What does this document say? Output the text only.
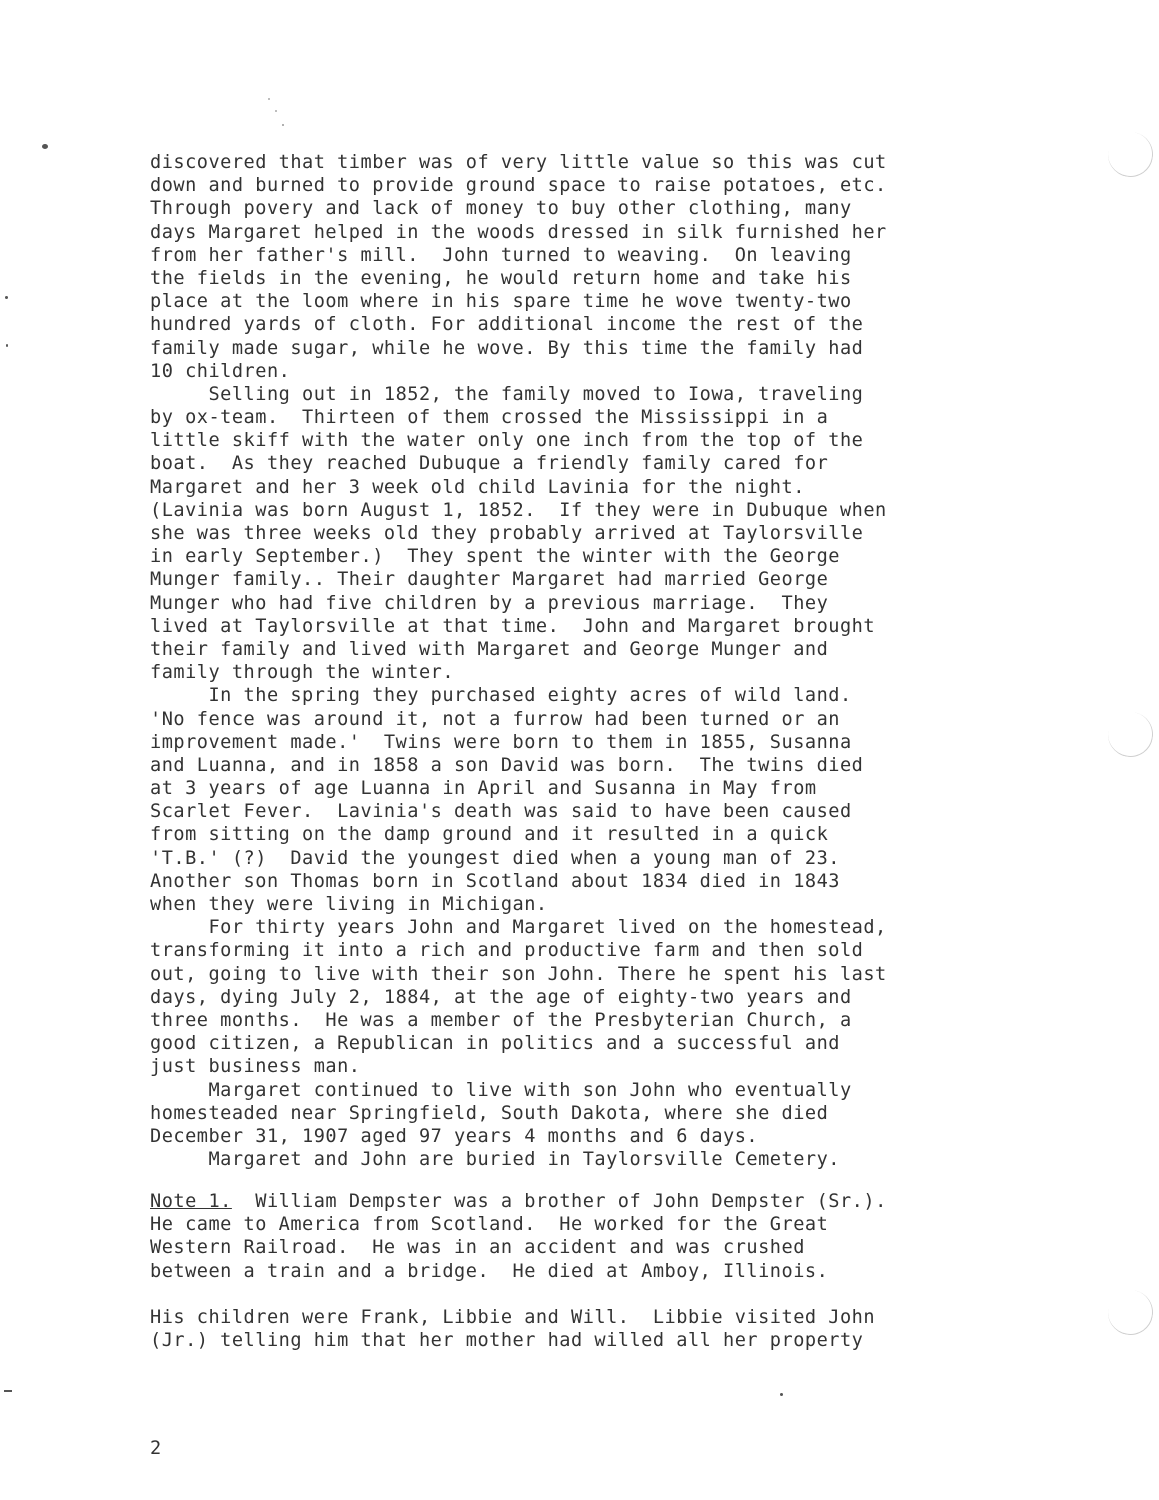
discovered that timber was of very little value so this was cut
down and burned to provide ground space to raise potatoes, etc.
Through povery and lack of money to buy other clothing, many
days Margaret helped in the woods dressed in silk furnished her
from her father's mill.  John turned to weaving.  On leaving
the fields in the evening, he would return home and take his
place at the loom where in his spare time he wove twenty-two
hundred yards of cloth. For additional income the rest of the
family made sugar, while he wove. By this time the family had
10 children.
Selling out in 1852, the family moved to Iowa, traveling
by ox-team.  Thirteen of them crossed the Mississippi in a
little skiff with the water only one inch from the top of the
boat.  As they reached Dubuque a friendly family cared for
Margaret and her 3 week old child Lavinia for the night.
(Lavinia was born August 1, 1852.  If they were in Dubuque when
she was three weeks old they probably arrived at Taylorsville
in early September.)  They spent the winter with the George
Munger family.. Their daughter Margaret had married George
Munger who had five children by a previous marriage.  They
lived at Taylorsville at that time.  John and Margaret brought
their family and lived with Margaret and George Munger and
family through the winter.
In the spring they purchased eighty acres of wild land.
'No fence was around it, not a furrow had been turned or an
improvement made.'  Twins were born to them in 1855, Susanna
and Luanna, and in 1858 a son David was born.  The twins died
at 3 years of age Luanna in April and Susanna in May from
Scarlet Fever.  Lavinia's death was said to have been caused
from sitting on the damp ground and it resulted in a quick
'T.B.' (?)  David the youngest died when a young man of 23.
Another son Thomas born in Scotland about 1834 died in 1843
when they were living in Michigan.
For thirty years John and Margaret lived on the homestead,
transforming it into a rich and productive farm and then sold
out, going to live with their son John. There he spent his last
days, dying July 2, 1884, at the age of eighty-two years and
three months.  He was a member of the Presbyterian Church, a
good citizen, a Republican in politics and a successful and
just business man.
Margaret continued to live with son John who eventually
homesteaded near Springfield, South Dakota, where she died
December 31, 1907 aged 97 years 4 months and 6 days.
Margaret and John are buried in Taylorsville Cemetery.
Note 1.  William Dempster was a brother of John Dempster (Sr.).
He came to America from Scotland.  He worked for the Great
Western Railroad.  He was in an accident and was crushed
between a train and a bridge.  He died at Amboy, Illinois.
His children were Frank, Libbie and Will.  Libbie visited John
(Jr.) telling him that her mother had willed all her property
2
